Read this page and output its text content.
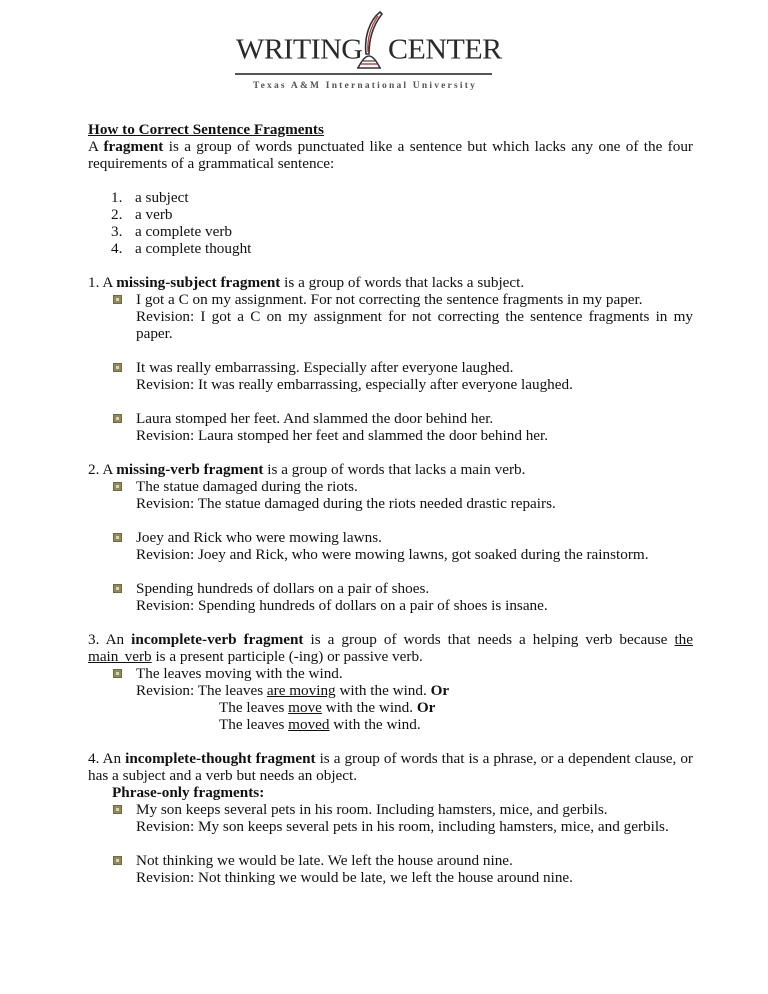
WRITING CENTER
Texas A&M International University

How to Correct Sentence Fragments

A fragment is a group of words punctuated like a sentence but which lacks any one of the four requirements of a grammatical sentence:

1. a subject
2. a verb
3. a complete verb
4. a complete thought

1. A missing-subject fragment is a group of words that lacks a subject.

I got a C on my assignment. For not correcting the sentence fragments in my paper.
Revision: I got a C on my assignment for not correcting the sentence fragments in my paper.
It was really embarrassing. Especially after everyone laughed.
Revision: It was really embarrassing, especially after everyone laughed.
Laura stomped her feet. And slammed the door behind her.
Revision: Laura stomped her feet and slammed the door behind her.

2. A missing-verb fragment is a group of words that lacks a main verb.

The statue damaged during the riots.
Revision: The statue damaged during the riots needed drastic repairs.
Joey and Rick who were mowing lawns.
Revision: Joey and Rick, who were mowing lawns, got soaked during the rainstorm.
Spending hundreds of dollars on a pair of shoes.
Revision: Spending hundreds of dollars on a pair of shoes is insane.

3. An incomplete-verb fragment is a group of words that needs a helping verb because the main verb is a present participle (-ing) or passive verb.

The leaves moving with the wind.
Revision: The leaves are moving with the wind. Or
The leaves move with the wind. Or
The leaves moved with the wind.

4. An incomplete-thought fragment is a group of words that is a phrase, or a dependent clause, or has a subject and a verb but needs an object.

Phrase-only fragments:

My son keeps several pets in his room. Including hamsters, mice, and gerbils.
Revision: My son keeps several pets in his room, including hamsters, mice, and gerbils.
Not thinking we would be late. We left the house around nine.
Revision: Not thinking we would be late, we left the house around nine.
